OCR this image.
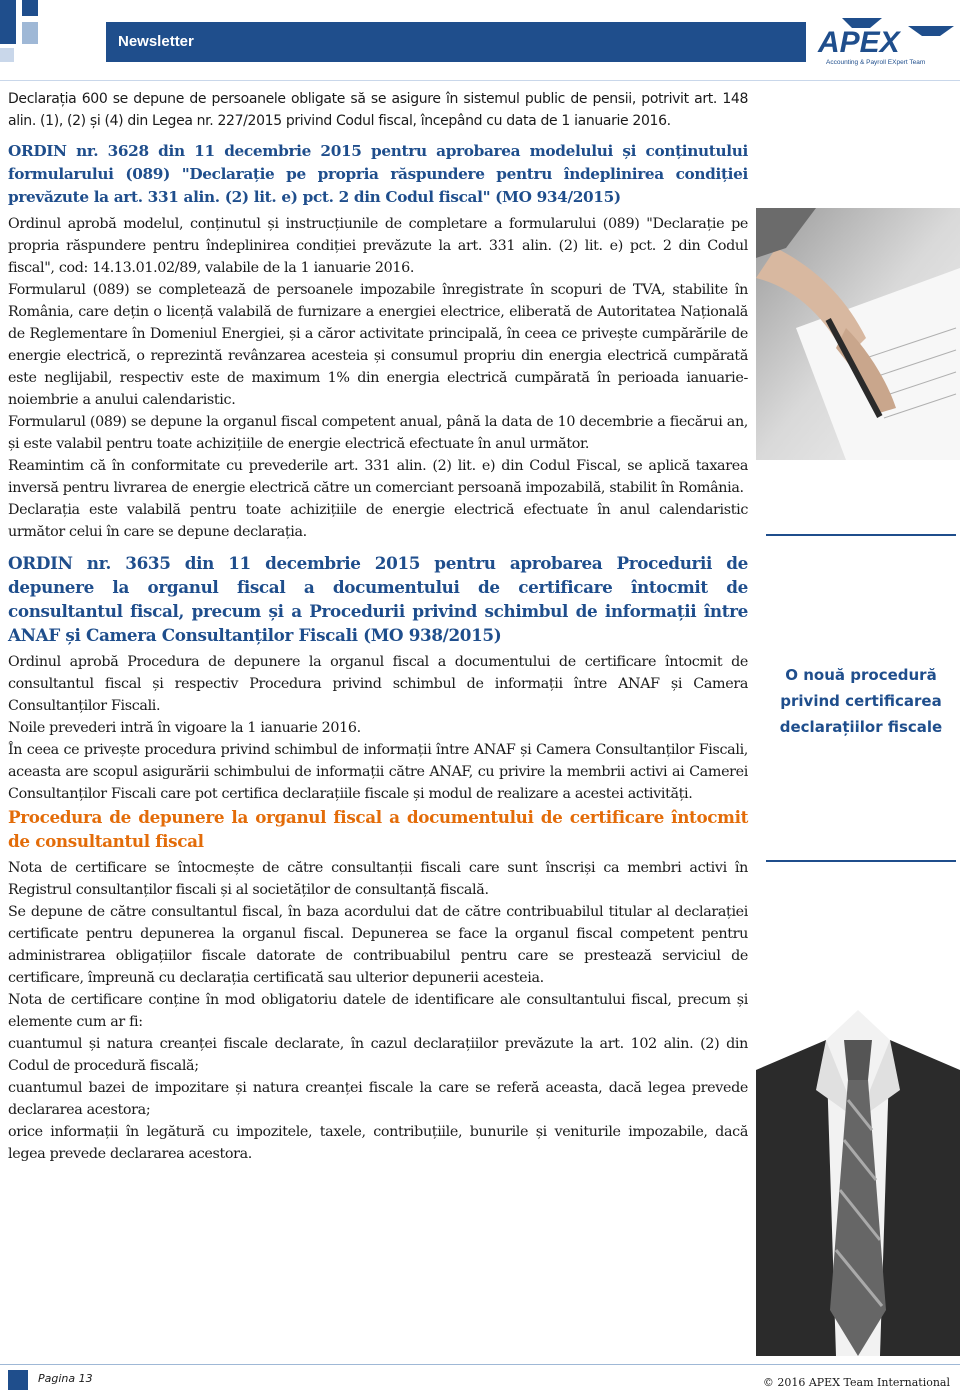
Newsletter	APEX
Accounting & Payroll EXpert Team

Declarația 600 se depune de persoanele obligate să se asigure în sistemul public de pensii, potrivit art. 148 alin. (1), (2) și (4) din Legea nr. 227/2015 privind Codul fiscal, începând cu data de 1 ianuarie 2016.

ORDIN nr. 3628 din 11 decembrie 2015 pentru aprobarea modelului și conținutului formularului (089) "Declarație pe propria răspundere pentru îndeplinirea condiției prevăzute la art. 331 alin. (2) lit. e) pct. 2 din Codul fiscal" (MO 934/2015)

Ordinul aprobă modelul, conținutul și instrucțiunile de completare a formularului (089) "Declarație pe propria răspundere pentru îndeplinirea condiției prevăzute la art. 331 alin. (2) lit. e) pct. 2 din Codul fiscal", cod: 14.13.01.02/89, valabile de la 1 ianuarie 2016.

Formularul (089) se completează de persoanele impozabile înregistrate în scopuri de TVA, stabilite în România, care dețin o licență valabilă de furnizare a energiei electrice, eliberată de Autoritatea Națională de Reglementare în Domeniul Energiei, și a căror activitate principală, în ceea ce privește cumpărările de energie electrică, o reprezintă revânzarea acesteia și consumul propriu din energia electrică cumpărată este neglijabil, respectiv este de maximum 1% din energia electrică cumpărată în perioada ianuarie-noiembrie a anului calendaristic.

Formularul (089) se depune la organul fiscal competent anual, până la data de 10 decembrie a fiecărui an, și este valabil pentru toate achizițiile de energie electrică efectuate în anul următor.

Reamintim că în conformitate cu prevederile art. 331 alin. (2) lit. e) din Codul Fiscal, se aplică taxarea inversă pentru livrarea de energie electrică către un comerciant persoană impozabilă, stabilit în România.

Declarația este valabilă pentru toate achizițiile de energie electrică efectuate în anul calendaristic următor celui în care se depune declarația.

ORDIN nr. 3635 din 11 decembrie 2015 pentru aprobarea Procedurii de depunere la organul fiscal a documentului de certificare întocmit de consultantul fiscal, precum și a Procedurii privind schimbul de informații între ANAF și Camera Consultanților Fiscali (MO 938/2015)

Ordinul aprobă Procedura de depunere la organul fiscal a documentului de certificare întocmit de consultantul fiscal și respectiv Procedura privind schimbul de informații între ANAF și Camera Consultanților Fiscali.

Noile prevederi intră în vigoare la 1 ianuarie 2016.

În ceea ce privește procedura privind schimbul de informații între ANAF și Camera Consultanților Fiscali, aceasta are scopul asigurării schimbului de informații către ANAF, cu privire la membrii activi ai Camerei Consultanților Fiscali care pot certifica declarațiile fiscale și modul de realizare a acestei activități.

Procedura de depunere la organul fiscal a documentului de certificare întocmit de consultantul fiscal

Nota de certificare se întocmește de către consultanții fiscali care sunt înscriși ca membri activi în Registrul consultanților fiscali și al societăților de consultanță fiscală.

Se depune de către consultantul fiscal, în baza acordului dat de către contribuabilul titular al declarației certificate pentru depunerea la organul fiscal. Depunerea se face la organul fiscal competent pentru administrarea obligațiilor fiscale datorate de contribuabilul pentru care se prestează serviciul de certificare, împreună cu declarația certificată sau ulterior depunerii acesteia.

Nota de certificare conține în mod obligatoriu datele de identificare ale consultantului fiscal, precum și elemente cum ar fi:

cuantumul și natura creanței fiscale declarate, în cazul declarațiilor prevăzute la art. 102 alin. (2) din Codul de procedură fiscală;

cuantumul bazei de impozitare și natura creanței fiscale la care se referă aceasta, dacă legea prevede declararea acestora;

orice informații în legătură cu impozitele, taxele, contribuțiile, bunurile și veniturile impozabile, dacă legea prevede declararea acestora.

O nouă procedură privind certificarea declarațiilor fiscale
Pagina 13	© 2016 APEX Team International
